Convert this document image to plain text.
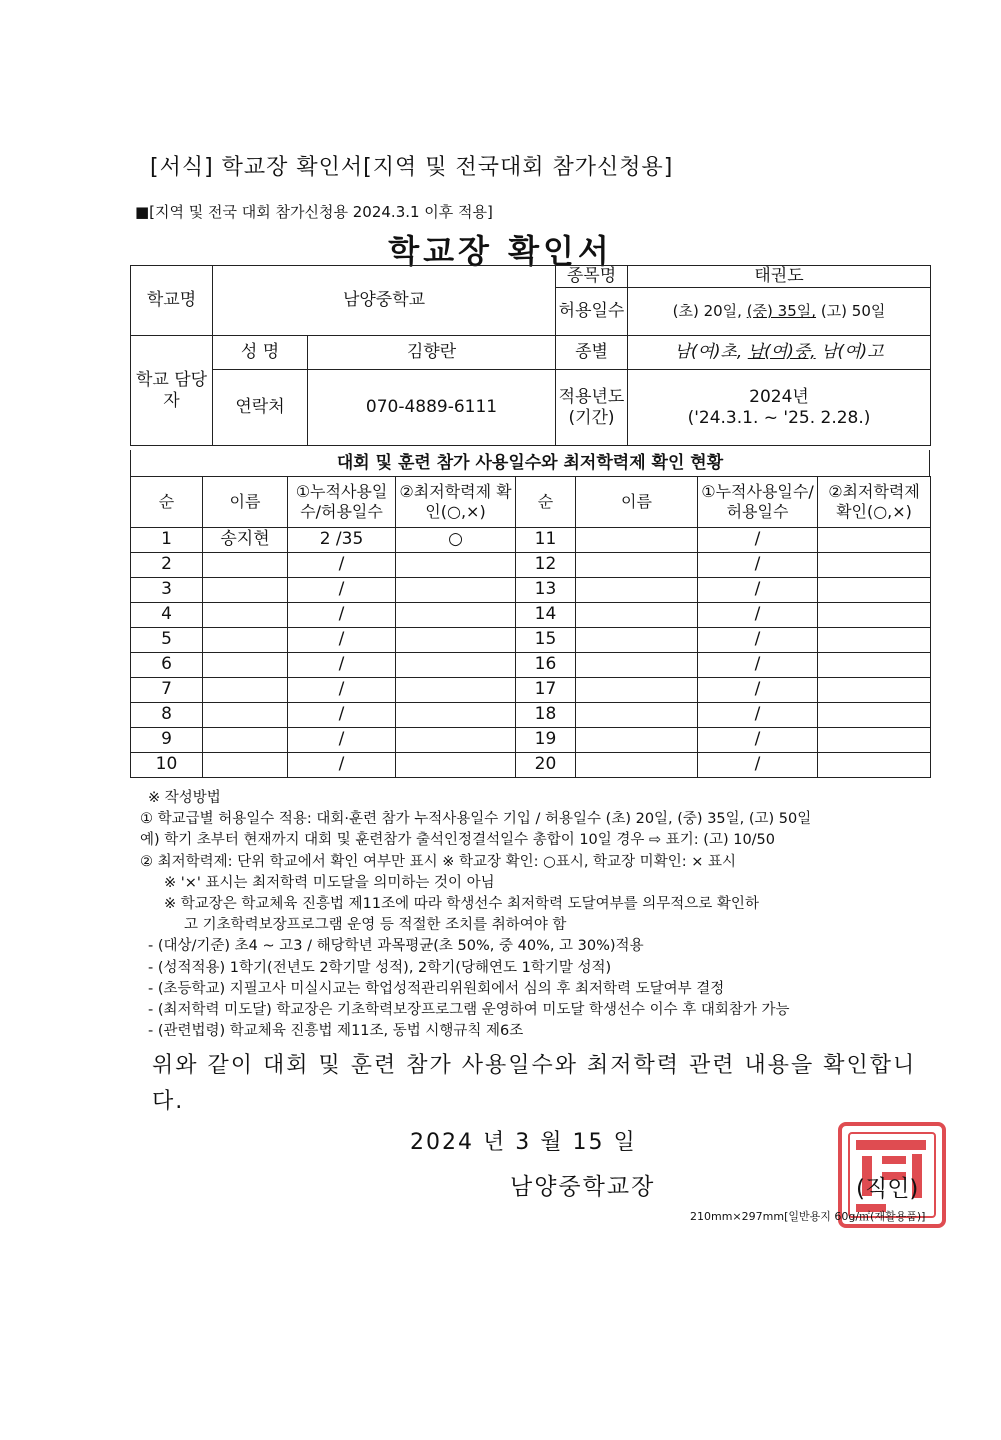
[서식] 학교장 확인서[지역 및 전국대회 참가신청용]
■[지역 및 전국 대회 참가신청용 2024.3.1 이후 적용]
학교장 확인서
학교명	남양중학교		종목명	태권도
			허용일수	(초) 20일, (중) 35일, (고) 50일
학교 담당자	성 명	김향란	종별	남(여)초, 남(여)중, 남(여)고
	연락처	070-4889-6111	적용년도 (기간)	2024년
('24.3.1. ~ '25. 2.28.)
대회 및 훈련 참가 사용일수와 최저학력제 확인 현황
순	이름	①누적사용일수/허용일수	②최저학력제 확인(○,×)	순	이름	①누적사용일수/허용일수	②최저학력제 확인(○,×)
1	송지현	2 /35	○	11		/	
2		/		12		/	
3		/		13		/	
4		/		14		/	
5		/		15		/	
6		/		16		/	
7		/		17		/	
8		/		18		/	
9		/		19		/	
10		/		20		/	
※ 작성방법
① 학교급별 허용일수 적용: 대회·훈련 참가 누적사용일수 기입 / 허용일수 (초) 20일, (중) 35일, (고) 50일
예) 학기 초부터 현재까지 대회 및 훈련참가 출석인정결석일수 총합이 10일 경우 ⇨ 표기: (고) 10/50
② 최저학력제: 단위 학교에서 확인 여부만 표시 ※ 학교장 확인: ○표시, 학교장 미확인: × 표시
※ '×' 표시는 최저학력 미도달을 의미하는 것이 아님
※ 학교장은 학교체육 진흥법 제11조에 따라 학생선수 최저학력 도달여부를 의무적으로 확인하
고 기초학력보장프로그램 운영 등 적절한 조치를 취하여야 함
- (대상/기준) 초4 ~ 고3 / 해당학년 과목평균(초 50%, 중 40%, 고 30%)적용
- (성적적용) 1학기(전년도 2학기말 성적), 2학기(당해연도 1학기말 성적)
- (초등학교) 지필고사 미실시교는 학업성적관리위원회에서 심의 후 최저학력 도달여부 결정
- (최저학력 미도달) 학교장은 기초학력보장프로그램 운영하여 미도달 학생선수 이수 후 대회참가 가능
- (관련법령) 학교체육 진흥법 제11조, 동법 시행규칙 제6조
위와 같이 대회 및 훈련 참가 사용일수와 최저학력 관련 내용을 확인합니다.
2024 년 3 월 15 일
남양중학교장	(직인)
210mm×297mm[일반용지 60g/㎡(재활용품)]
